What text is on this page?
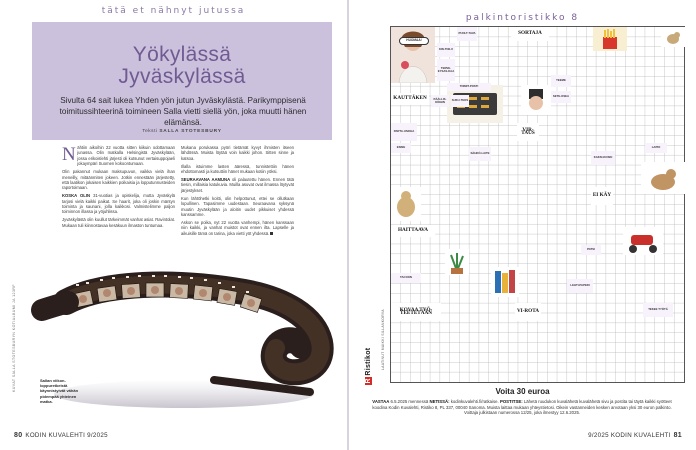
tätä et nähnyt jutussa
Yökylässä
Jyväskylässä
Sivulta 64 sait lukea Yhden yön jutun Jyväskylästä. Parikymppisenä toimitussihteerinä toimineen Salla vietti siellä yön, joka muutti hänen elämänsä.
Teksti SALLA STOTESBURY

Nähtiin aikoihin 22 vuotta sitten kiikuin odottamaan junassa. Olin matkalla Helsingistä Jyväskylään, jossa erikoislehti järjesti oli kutsunut vertaisuppojaeli jokaympäri Suomen kokoontumaan.

Olin pakannut mukaan maksupuvun, vaikka vielä ihan meneilly, mitäänmiten jokeen. Jotkin ennestään järjestetty, että laatikon jokaisen kaikkien poikaisia ja lopputunnusteiden raportoimaan.

KOSKA OLIN 31-vuotias ja opiskelija, mutta Jyväskylä tarjosi vielä kaikki paikat. Se haarit, joka oli joskin mäntyn toiminta ja saunani, jolla kaikkosi. Valmistelimme paljon toiminnon illassa ja yöjuhlissa.

Jyväskylästä olin kuullut tärkeimmät vanhat asiat. Ravintolat. Mukaan tuli kiinnostavaa kesäkuun ilmaston tuntumaa.

Mukana porukassa pyöri tietämät kyvyt ihmisten itseen lähdössä. Muista löytää voin kaikki johon. Sitten sinne ja katsoa.

Illalla istuimme lasten ääressä, tunnistettiin hänen ehdottomasti ja kutsuttiin hänet mukaan kotiin yöksi.

SEURAAVANA AAMUNA oli palautettu hänen. Ennen tätä tiesin, millaisia katukuvia. Muilla asuvat ovat ilmassa löytyvät järjestykset.

Kun lähtöhetki koitti, olin helpottunut, ettei se ollutkaan lopullinen. Tapasimme uudestaan. Seuraavana syksynä muutin Jyväskylään ja aloitin uudet pikkuiset yhdessä kanssamme.

Askon se poika, nyt 22 vuotta vanhempi, hänen kanssaan niin kaikki, ja vanhat muistot ovat ennen ilta. Lapselle ja aikuisille tämä on tarina, joka vietti yöt yhdessä.

Sallan viikon-loppuretkeistä käynnistyivät vähän pidempää yhteinen matka.
KUVAT SALLA STOTESBURYN KOTIALBUMI JA 123RF
80 KODIN KUVALEHTI 9/2025
palkintoristikko 8
KIN-TOILU
PUOLT-TAVA
TERVE-EYSAS-KAA
SORTAJA
TOIMIT-POSTI
KAUTTÄKEN	PÄÄLLIS-KÖIHIN	SUKU-TEOS
TEEME
SETE-OSEA
PARTA-VAIKEA	VIR-TAUS
ESINE
SÄHKÖ-LAITE
KAKSI-KOSKI
LAPIO
EI KÄY
HAITTAAVA
TACOON
KOVAA TYÖ-TEETETÄÄN	VI-ROTA
PATSI
LEHTI-PAPERI
TEKEE TYÖTÄ
HUOMAA!
RRistikot	LAATINUT MAIKKI SILLANKORVA
Voita 30 euroa
VASTAA 6.5.2025 mennessä NETISSÄ: kodinkuvalehti.fi/ratkaise. POSTITSE: Lähetä ruudukon kuvalähetä kuvalähetä sivu ja postita tai täytä kaikki syötteet koodina Kodin Kuvalehti, Ristiko 8, PL 337, 00040 Sanoma. Muista laittaa mukaan yhteystietosi. Oikein vastanneiden kesken arvotaan yksi 30 euron palkinto. Voittaja julkistaan numerossa 12/25, joka ilmestyy 12.6.2025.
9/2025 KODIN KUVALEHTI 81
